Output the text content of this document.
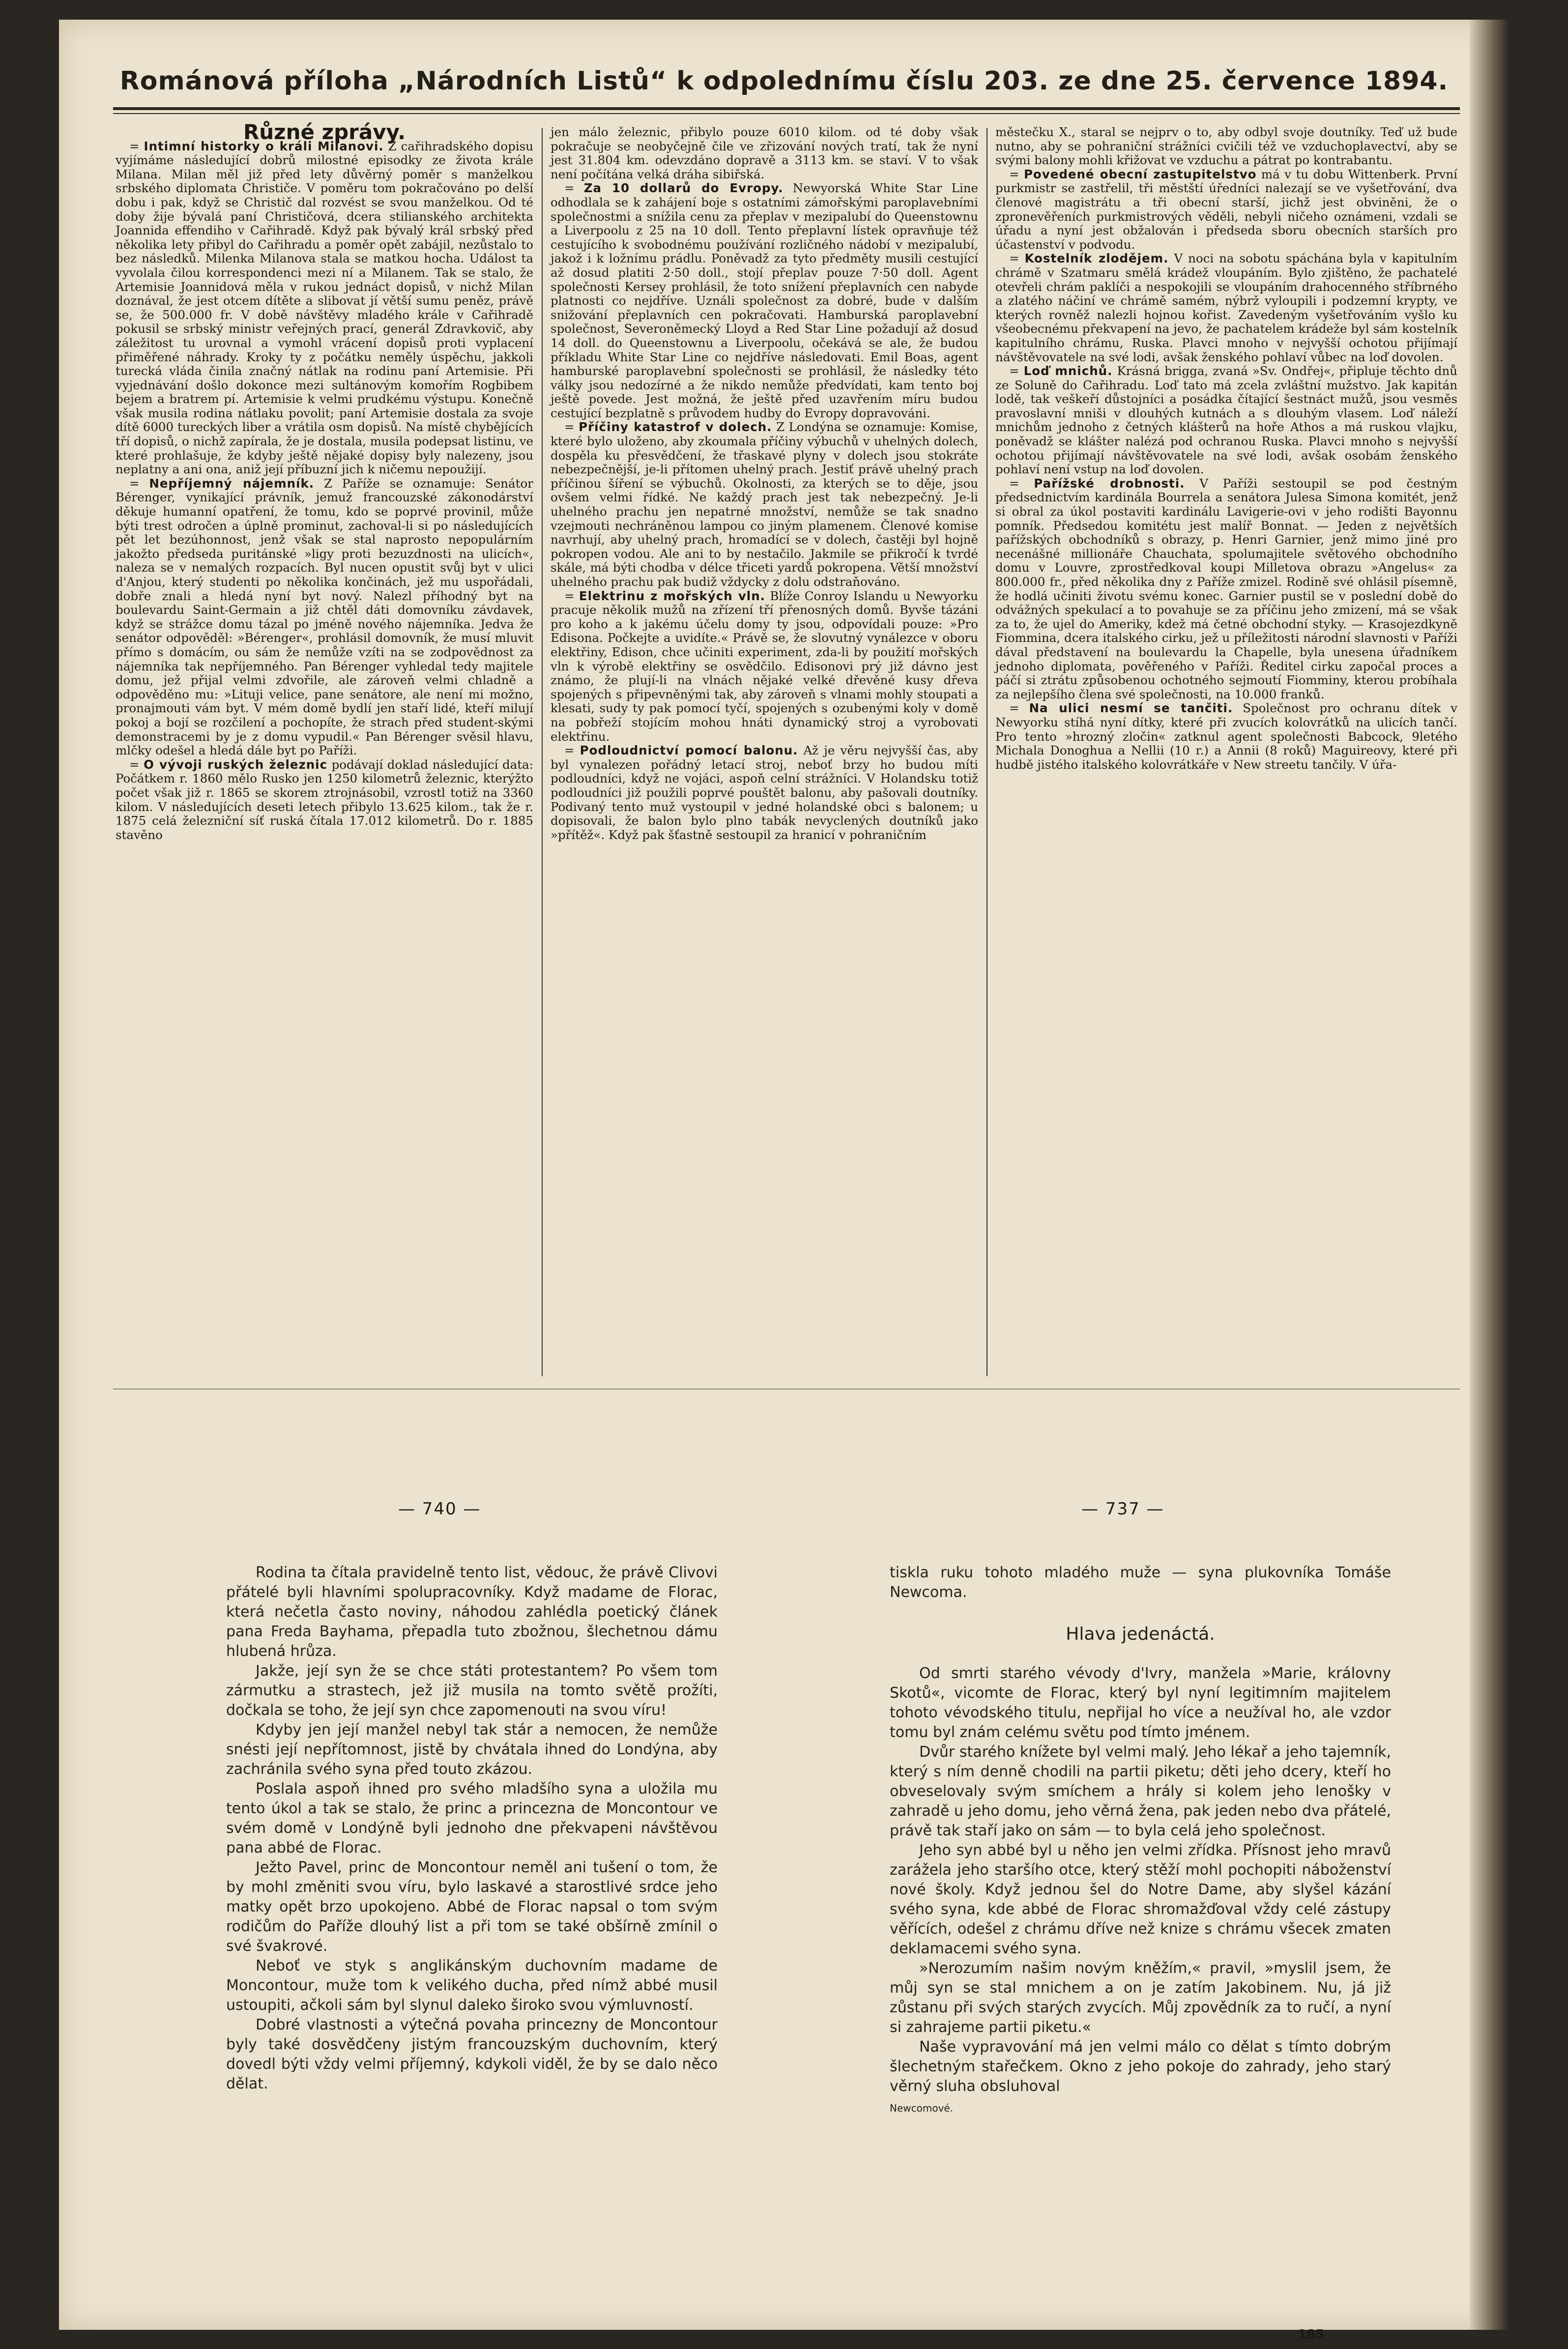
Románová příloha „Národních Listů“ k odpolednímu číslu 203. ze dne 25. července 1894.

Různé zprávy.

= Intimní historky o králi Milanovi. Z cařihradského dopisu vyjímáme následující dobrů milostné episodky ze života krále Milana. Milan měl již před lety důvěrný poměr s manželkou srbského diplomata Christiče. V poměru tom pokračováno po delší dobu i pak, když se Christič dal rozvést se svou manželkou. Od té doby žije bývalá paní Christičová, dcera stilianského architekta Joannida effendiho v Cařihradě. Když pak bývalý král srbský před několika lety přibyl do Cařihradu a poměr opět zabájil, nezůstalo to bez následků. Milenka Milanova stala se matkou hocha. Událost ta vyvolala čilou korrespondenci mezi ní a Milanem. Tak se stalo, že Artemisie Joannidová měla v rukou jednáct dopisů, v nichž Milan doznával, že jest otcem dítěte a slibovat jí větší sumu peněz, právě se, že 500.000 fr. V době návštěvy mladého krále v Cařihradě pokusil se srbský ministr veřejných prací, generál Zdravkovič, aby záležitost tu urovnal a vymohl vrácení dopisů proti vyplacení přiměřené náhrady. Kroky ty z počátku neměly úspěchu, jakkoli turecká vláda činila značný nátlak na rodinu paní Artemisie. Při vyjednávání došlo dokonce mezi sultánovým komořím Rogbibem bejem a bratrem pí. Artemisie k velmi prudkému výstupu. Konečně však musila rodina nátlaku povolit; paní Artemisie dostala za svoje dítě 6000 tureckých liber a vrátila osm dopisů. Na místě chybějících tří dopisů, o nichž zapírala, že je dostala, musila podepsat listinu, ve které prohlašuje, že kdyby ještě nějaké dopisy byly nalezeny, jsou neplatny a ani ona, aniž její příbuzní jich k ničemu nepoužijí.

= Nepříjemný nájemník. Z Paříže se oznamuje: Senátor Bérenger, vynikající právník, jemuž francouzské zákonodárství děkuje humanní opatření, že tomu, kdo se poprvé provinil, může býti trest odročen a úplně prominut, zachoval-li si po následujících pět let bezúhonnost, jenž však se stal naprosto nepopulárním jakožto předseda puritánské »ligy proti bezuzdnosti na ulicích«, naleza se v nemalých rozpacích. Byl nucen opustit svůj byt v ulici d'Anjou, který studenti po několika končinách, jež mu uspořádali, dobře znali a hledá nyní byt nový. Nalezl příhodný byt na boulevardu Saint-Germain a již chtěl dáti domovníku závdavek, když se strážce domu tázal po jméně nového nájemníka. Jedva že senátor odpověděl: »Bérenger«, prohlásil domovník, že musí mluvit přímo s domácím, ou sám že nemůže vzíti na se zodpovědnost za nájemníka tak nepříjemného. Pan Bérenger vyhledal tedy majitele domu, jež přijal velmi zdvořile, ale zároveň velmi chladně a odpověděno mu: »Lituji velice, pane senátore, ale není mi možno, pronajmouti vám byt. V mém domě bydlí jen staří lidé, kteří milují pokoj a bojí se rozčilení a pochopíte, že strach před student-skými demonstracemi by je z domu vypudil.« Pan Bérenger svěsil hlavu, mlčky odešel a hledá dále byt po Paříži.

= O vývoji ruských železnic podávají doklad následující data: Počátkem r. 1860 mělo Rusko jen 1250 kilometrů železnic, kterýžto počet však již r. 1865 se skorem ztrojnásobil, vzrostl totiž na 3360 kilom. V následujících deseti letech přibylo 13.625 kilom., tak že r. 1875 celá železniční síť ruská čítala 17.012 kilometrů. Do r. 1885 stavěno

jen málo železnic, přibylo pouze 6010 kilom. od té doby však pokračuje se neobyčejně čile ve zřizování nových tratí, tak že nyní jest 31.804 km. odevzdáno dopravě a 3113 km. se staví. V to však není počítána velká dráha sibiřská.

= Za 10 dollarů do Evropy. Newyorská White Star Line odhodlala se k zahájení boje s ostatními zámořskými paroplavebními společnostmi a snížila cenu za přeplav v mezipalubí do Queenstownu a Liverpoolu z 25 na 10 doll. Tento přeplavní lístek opravňuje též cestujícího k svobodnému používání rozličného nádobí v mezipalubí, jakož i k ložnímu prádlu. Poněvadž za tyto předměty musili cestující až dosud platiti 2·50 doll., stojí přeplav pouze 7·50 doll. Agent společnosti Kersey prohlásil, že toto snížení přeplavních cen nabyde platnosti co nejdříve. Uználi společnost za dobré, bude v dalším snižování přeplavních cen pokračovati. Hamburská paroplavební společnost, Severoněmecký Lloyd a Red Star Line požadují až dosud 14 doll. do Queenstownu a Liverpoolu, očekává se ale, že budou příkladu White Star Line co nejdříve následovati. Emil Boas, agent hamburské paroplavební společnosti se prohlásil, že následky této války jsou nedozírné a že nikdo nemůže předvídati, kam tento boj ještě povede. Jest možná, že ještě před uzavřením míru budou cestující bezplatně s průvodem hudby do Evropy dopravováni.

= Příčiny katastrof v dolech. Z Londýna se oznamuje: Komise, které bylo uloženo, aby zkoumala příčiny výbuchů v uhelných dolech, dospěla ku přesvědčení, že třaskavé plyny v dolech jsou stokráte nebezpečnější, je-li přítomen uhelný prach. Jestiť právě uhelný prach příčinou šíření se výbuchů. Okolnosti, za kterých se to děje, jsou ovšem velmi řídké. Ne každý prach jest tak nebezpečný. Je-li uhelného prachu jen nepatrné množství, nemůže se tak snadno vzejmouti nechráněnou lampou co jiným plamenem. Členové komise navrhují, aby uhelný prach, hromadící se v dolech, častěji byl hojně pokropen vodou. Ale ani to by nestačilo. Jakmile se přikročí k tvrdé skále, má býti chodba v délce třiceti yardů pokropena. Větší množství uhelného prachu pak budiž vždycky z dolu odstraňováno.

= Elektrinu z mořských vln. Blíže Conroy Islandu u Newyorku pracuje několik mužů na zřízení tří přenosných domů. Byvše tázáni pro koho a k jakému účelu domy ty jsou, odpovídali pouze: »Pro Edisona. Počkejte a uvidíte.« Právě se, že slovutný vynálezce v oboru elektřiny, Edison, chce učiniti experiment, zda-li by použití mořských vln k výrobě elektřiny se osvědčilo. Edisonovi prý již dávno jest známo, že plují-li na vlnách nějaké velké dřevěné kusy dřeva spojených s připevněnými tak, aby zároveň s vlnami mohly stoupati a klesati, sudy ty pak pomocí tyčí, spojených s ozubenými koly v domě na pobřeží stojícím mohou hnáti dynamický stroj a vyrobovati elektřinu.

= Podloudnictví pomocí balonu. Až je věru nejvyšší čas, aby byl vynalezen pořádný letací stroj, neboť brzy ho budou míti podloudníci, když ne vojáci, aspoň celní strážníci. V Holandsku totiž podloudníci již použili poprvé pouštět balonu, aby pašovali doutníky. Podivaný tento muž vystoupil v jedné holandské obci s balonem; u dopisovali, že balon bylo plno tabák nevyclených doutníků jako »přítěž«. Když pak šťastně sestoupil za hranicí v pohraničním

městečku X., staral se nejprv o to, aby odbyl svoje doutníky. Teď už bude nutno, aby se pohraniční strážníci cvičili též ve vzduchoplavectví, aby se svými balony mohli křižovat ve vzduchu a pátrat po kontrabantu.

= Povedené obecní zastupitelstvo má v tu dobu Wittenberk. První purkmistr se zastřelil, tři městští úředníci nalezají se ve vyšetřování, dva členové magistrátu a tři obecní starší, jichž jest obviněni, že o zpronevěřeních purkmistrových věděli, nebyli ničeho oznámeni, vzdali se úřadu a nyní jest obžalován i předseda sboru obecních starších pro účastenství v podvodu.

= Kostelník zlodějem. V noci na sobotu spáchána byla v kapitulním chrámě v Szatmaru smělá krádež vloupáním. Bylo zjištěno, že pachatelé otevřeli chrám paklíči a nespokojili se vloupáním drahocenného stříbrného a zlatého náčiní ve chrámě samém, nýbrž vyloupili i podzemní krypty, ve kterých rovněž nalezli hojnou kořist. Zavedeným vyšetřováním vyšlo ku všeobecnému překvapení na jevo, že pachatelem krádeže byl sám kostelník kapitulního chrámu, Ruska. Plavci mnoho v nejvyšší ochotou přijímají návštěvovatele na své lodi, avšak ženského pohlaví vůbec na loď dovolen.

= Loď mnichů. Krásná brigga, zvaná »Sv. Ondřej«, připluje těchto dnů ze Soluně do Cařihradu. Loď tato má zcela zvláštní mužstvo. Jak kapitán lodě, tak veškeří důstojníci a posádka čítající šestnáct mužů, jsou vesměs pravoslavní mniši v dlouhých kutnách a s dlouhým vlasem. Loď náleží mnichům jednoho z četných klášterů na hoře Athos a má ruskou vlajku, poněvadž se klášter nalézá pod ochranou Ruska. Plavci mnoho s nejvyšší ochotou přijímají návštěvovatele na své lodi, avšak osobám ženského pohlaví není vstup na loď dovolen.

= Pařížské drobnosti. V Paříži sestoupil se pod čestným předsednictvím kardinála Bourrela a senátora Julesa Simona komitét, jenž si obral za úkol postaviti kardinálu Lavigerie-ovi v jeho rodišti Bayonnu pomník. Předsedou komitétu jest malíř Bonnat. — Jeden z největších pařížských obchodníků s obrazy, p. Henri Garnier, jenž mimo jiné pro necenášné millionáře Chauchata, spolumajitele světového obchodního domu v Louvre, zprostředkoval koupi Milletova obrazu »Angelus« za 800.000 fr., před několika dny z Paříže zmizel. Rodině své ohlásil písemně, že hodlá učiniti životu svému konec. Garnier pustil se v poslední době do odvážných spekulací a to povahuje se za příčinu jeho zmizení, má se však za to, že ujel do Ameriky, kdež má četné obchodní styky. — Krasojezdkyně Fiommina, dcera italského cirku, jež u příležitosti národní slavnosti v Paříži dával představení na boulevardu la Chapelle, byla unesena úřadníkem jednoho diplomata, pověřeného v Paříži. Ředitel cirku započal proces a páčí si ztrátu způsobenou ochotného sejmoutí Fiomminy, kterou probíhala za nejlepšího člena své společnosti, na 10.000 franků.

= Na ulici nesmí se tančiti. Společnost pro ochranu dítek v Newyorku stíhá nyní dítky, které při zvucích kolovrátků na ulicích tančí. Pro tento »hrozný zločin« zatknul agent společnosti Babcock, 9letého Michala Donoghua a Nellii (10 r.) a Annii (8 roků) Maguireovy, které při hudbě jistého italského kolovrátkáře v New streetu tančily. V úřa-

— 740 —	— 737 —

Rodina ta čítala pravidelně tento list, vědouc, že právě Clivovi přátelé byli hlavními spolupracovníky. Když madame de Florac, která nečetla často noviny, náhodou zahlédla poetický článek pana Freda Bayhama, přepadla tuto zbožnou, šlechetnou dámu hlubená hrůza.

Jakže, její syn že se chce státi protestantem? Po všem tom zármutku a strastech, jež již musila na tomto světě prožíti, dočkala se toho, že její syn chce zapomenouti na svou víru!

Kdyby jen její manžel nebyl tak stár a nemocen, že nemůže snésti její nepřítomnost, jistě by chvátala ihned do Londýna, aby zachránila svého syna před touto zkázou.

Poslala aspoň ihned pro svého mladšího syna a uložila mu tento úkol a tak se stalo, že princ a princezna de Moncontour ve svém domě v Londýně byli jednoho dne překvapeni návštěvou pana abbé de Florac.

Ježto Pavel, princ de Moncontour neměl ani tušení o tom, že by mohl změniti svou víru, bylo laskavé a starostlivé srdce jeho matky opět brzo upokojeno. Abbé de Florac napsal o tom svým rodičům do Paříže dlouhý list a při tom se také obšírně zmínil o své švakrové.

Neboť ve styk s anglikánským duchovním madame de Moncontour, muže tom k velikého ducha, před nímž abbé musil ustoupiti, ačkoli sám byl slynul daleko široko svou výmluvností.

Dobré vlastnosti a výtečná povaha princezny de Moncontour byly také dosvědčeny jistým francouzským duchovním, který dovedl býti vždy velmi příjemný, kdykoli viděl, že by se dalo něco dělat.

tiskla ruku tohoto mladého muže — syna plukovníka Tomáše Newcoma.

Hlava jedenáctá.

Od smrti starého vévody d'Ivry, manžela »Marie, královny Skotů«, vicomte de Florac, který byl nyní legitimním majitelem tohoto vévodského titulu, nepřijal ho více a neužíval ho, ale vzdor tomu byl znám celému světu pod tímto jménem.

Dvůr starého knížete byl velmi malý. Jeho lékař a jeho tajemník, který s ním denně chodili na partii piketu; děti jeho dcery, kteří ho obveselovaly svým smíchem a hrály si kolem jeho lenošky v zahradě u jeho domu, jeho věrná žena, pak jeden nebo dva přátelé, právě tak staří jako on sám — to byla celá jeho společnost.

Jeho syn abbé byl u něho jen velmi zřídka. Přísnost jeho mravů zarážela jeho staršího otce, který stěží mohl pochopiti náboženství nové školy. Když jednou šel do Notre Dame, aby slyšel kázání svého syna, kde abbé de Florac shromažďoval vždy celé zástupy věřících, odešel z chrámu dříve než knize s chrámu všecek zmaten deklamacemi svého syna.

»Nerozumím našim novým kněžím,« pravil, »myslil jsem, že můj syn se stal mnichem a on je zatím Jakobinem. Nu, já již zůstanu při svých starých zvycích. Můj zpovědník za to ručí, a nyní si zahrajeme partii piketu.«

Naše vypravování má jen velmi málo co dělat s tímto dobrým šlechetným stařečkem. Okno z jeho pokoje do zahrady, jeho starý věrný sluha obsluhoval

Newcomové.

185
